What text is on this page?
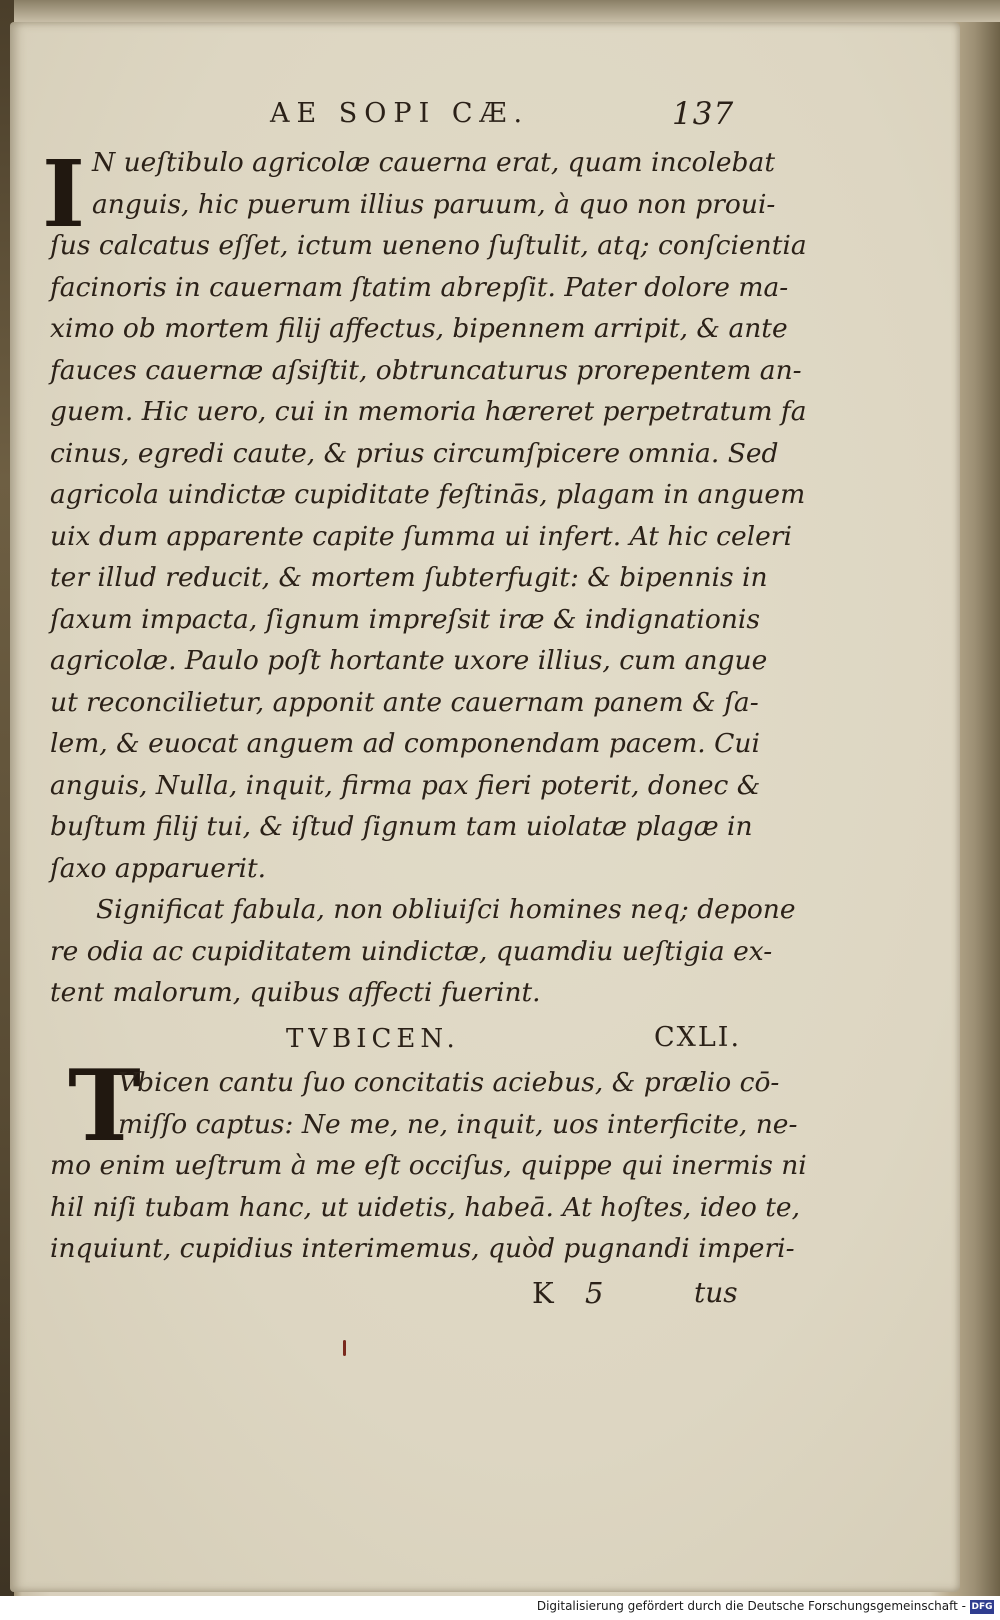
AE SOPI CÆ.	137
I N ueſtibulo agricolæ cauerna erat, quam incolebat
anguis, hic puerum illius paruum, à quo non proui-
ſus calcatus eſſet, ictum ueneno ſuſtulit, atq; conſcientia
facinoris in cauernam ſtatim abrepſit. Pater dolore ma-
ximo ob mortem filij affectus, bipennem arripit, & ante
fauces cauernæ aſsiſtit, obtruncaturus prorepentem an-
guem. Hic uero, cui in memoria hæreret perpetratum fa
cinus, egredi caute, & prius circumſpicere omnia. Sed
agricola uindictæ cupiditate feſtinās, plagam in anguem
uix dum apparente capite ſumma ui infert. At hic celeri
ter illud reducit, & mortem ſubterfugit: & bipennis in
ſaxum impacta, ſignum impreſsit iræ & indignationis
agricolæ. Paulo poſt hortante uxore illius, cum angue
ut reconcilietur, apponit ante cauernam panem & ſa-
lem, & euocat anguem ad componendam pacem. Cui
anguis, Nulla, inquit, firma pax fieri poterit, donec &
buſtum filij tui, & iſtud ſignum tam uiolatæ plagæ in
ſaxo apparuerit.
Significat fabula, non obliuiſci homines neq; depone
re odia ac cupiditatem uindictæ, quamdiu ueſtigia ex-
tent malorum, quibus affecti fuerint.
TVBICEN.	CXLI.
T
Vbicen cantu ſuo concitatis aciebus, & prælio cō-
miſſo captus: Ne me, ne, inquit, uos interficite, ne-
mo enim ueſtrum à me eſt occiſus, quippe qui inermis ni
hil niſi tubam hanc, ut uidetis, habeā. At hoſtes, ideo te,
inquiunt, cupidius interimemus, quòd pugnandi imperi-
K 5	tus
Digitalisierung gefördert durch die Deutsche Forschungsgemeinschaft - DFG
